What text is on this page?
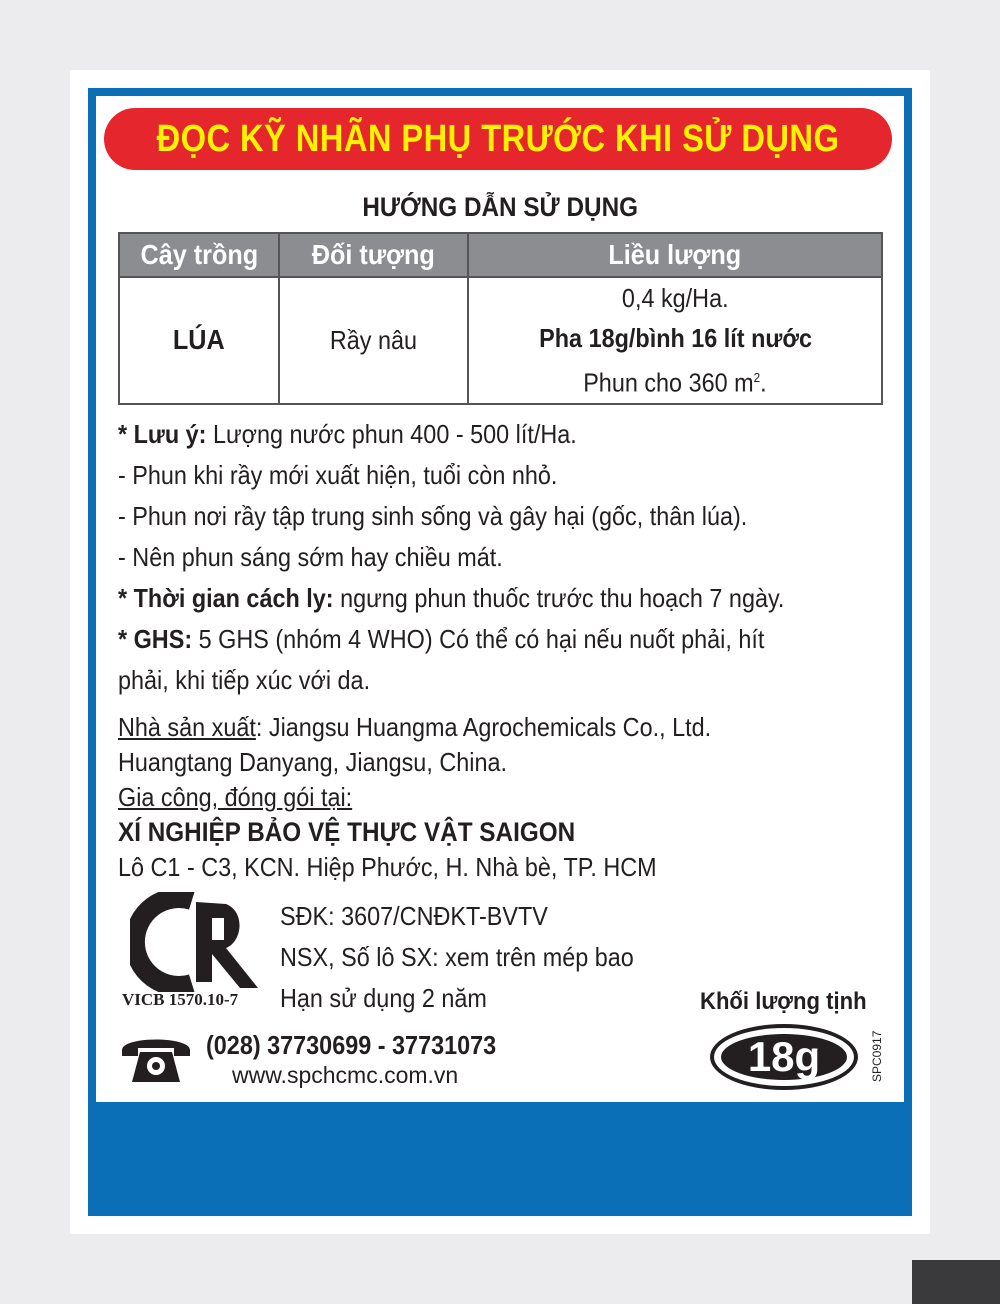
ĐỌC KỸ NHÃN PHỤ TRƯỚC KHI SỬ DỤNG
HƯỚNG DẪN SỬ DỤNG
Cây trồng	Đối tượng	Liều lượng
LÚA	Rầy nâu	0,4 kg/Ha.
Pha 18g/bình 16 lít nước
Phun cho 360 $m^2$.
* Lưu ý: Lượng nước phun 400 - 500 lít/Ha.
- Phun khi rầy mới xuất hiện, tuổi còn nhỏ.
- Phun nơi rầy tập trung sinh sống và gây hại (gốc, thân lúa).
- Nên phun sáng sớm hay chiều mát.
* Thời gian cách ly: ngưng phun thuốc trước thu hoạch 7 ngày.
* GHS: 5 GHS (nhóm 4 WHO) Có thể có hại nếu nuốt phải, hít
phải, khi tiếp xúc với da.
Nhà sản xuất: Jiangsu Huangma Agrochemicals Co., Ltd.
Huangtang Danyang, Jiangsu, China.
Gia công, đóng gói tại:
XÍ NGHIỆP BẢO VỆ THỰC VẬT SAIGON
Lô C1 - C3, KCN. Hiệp Phước, H. Nhà bè, TP. HCM
VICB 1570.10-7
SĐK: 3607/CNĐKT-BVTV
NSX, Số lô SX: xem trên mép bao
Hạn sử dụng 2 năm	Khối lượng tịnh
18g	SPC0917
(028) 37730699 - 37731073
www.spchcmc.com.vn
